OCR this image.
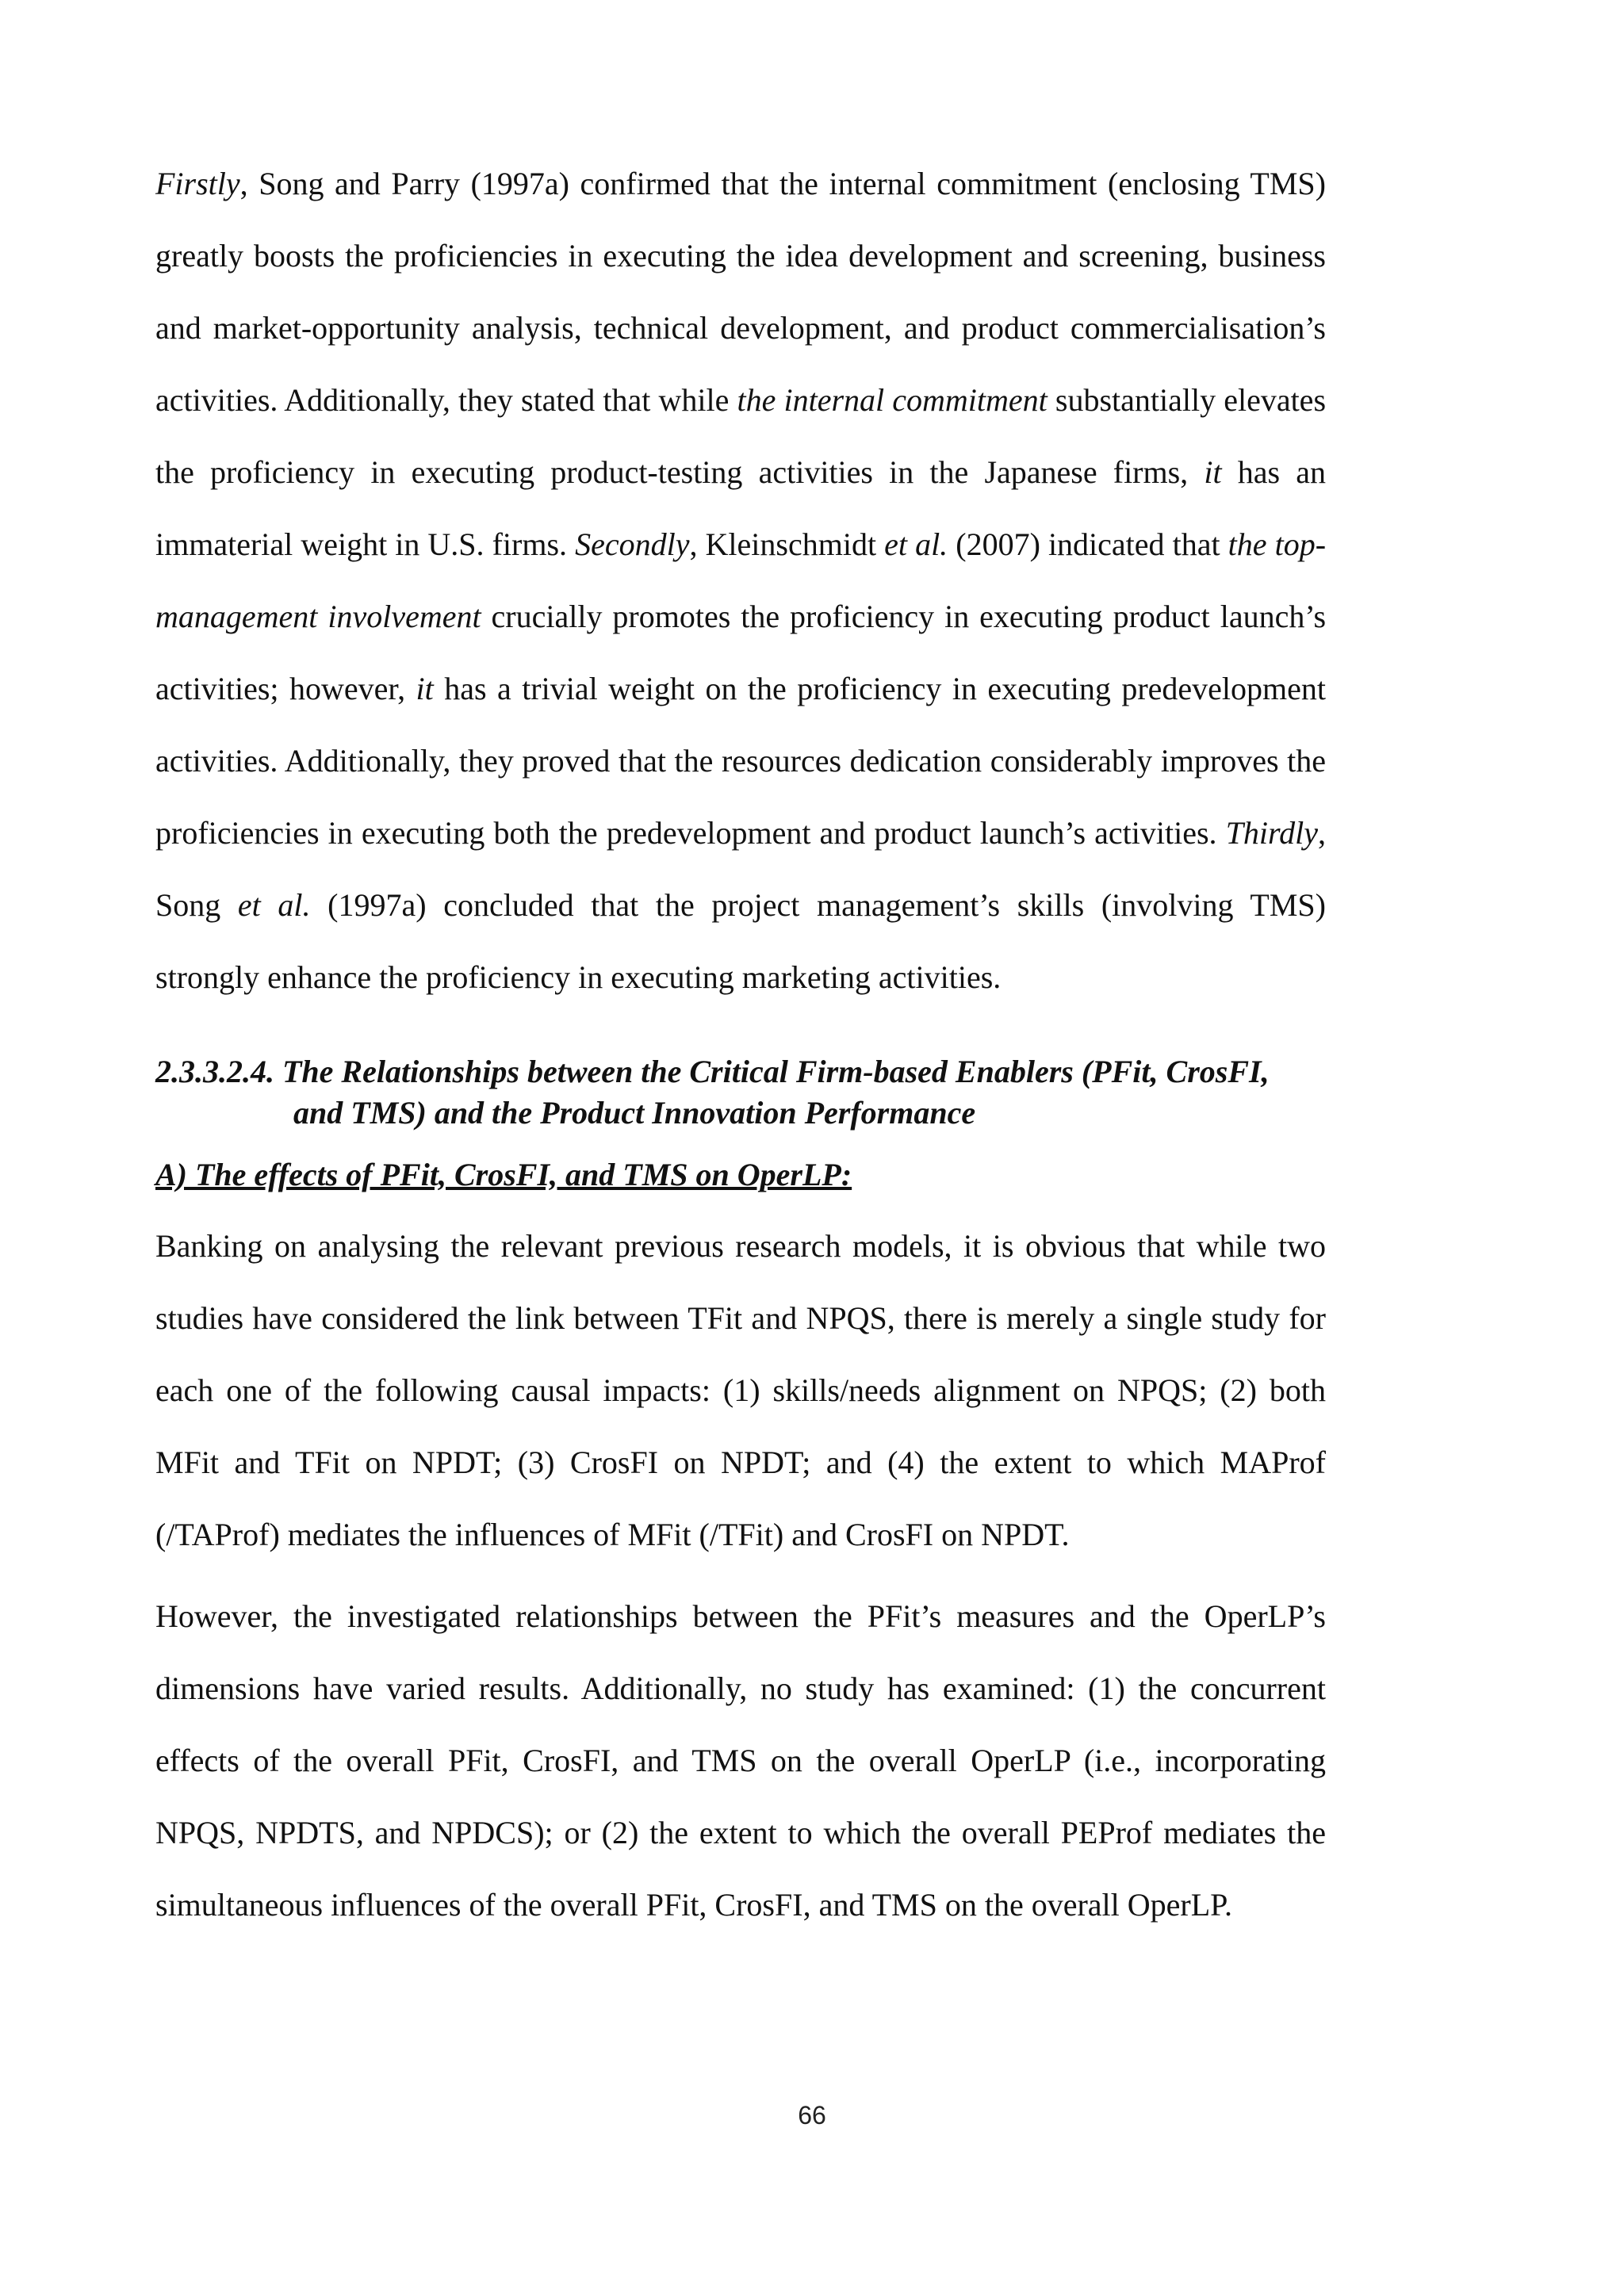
Firstly, Song and Parry (1997a) confirmed that the internal commitment (enclosing TMS) greatly boosts the proficiencies in executing the idea development and screening, business and market-opportunity analysis, technical development, and product commercialisation’s activities. Additionally, they stated that while the internal commitment substantially elevates the proficiency in executing product-testing activities in the Japanese firms, it has an immaterial weight in U.S. firms. Secondly, Kleinschmidt et al. (2007) indicated that the top-management involvement crucially promotes the proficiency in executing product launch’s activities; however, it has a trivial weight on the proficiency in executing predevelopment activities. Additionally, they proved that the resources dedication considerably improves the proficiencies in executing both the predevelopment and product launch’s activities. Thirdly, Song et al. (1997a) concluded that the project management’s skills (involving TMS) strongly enhance the proficiency in executing marketing activities.

2.3.3.2.4. The Relationships between the Critical Firm-based Enablers (PFit, CrosFI,
and TMS) and the Product Innovation Performance
A) The effects of PFit, CrosFI, and TMS on OperLP:

Banking on analysing the relevant previous research models, it is obvious that while two studies have considered the link between TFit and NPQS, there is merely a single study for each one of the following causal impacts: (1) skills/needs alignment on NPQS; (2) both MFit and TFit on NPDT; (3) CrosFI on NPDT; and (4) the extent to which MAProf (/TAProf) mediates the influences of MFit (/TFit) and CrosFI on NPDT.

However, the investigated relationships between the PFit’s measures and the OperLP’s dimensions have varied results. Additionally, no study has examined: (1) the concurrent effects of the overall PFit, CrosFI, and TMS on the overall OperLP (i.e., incorporating NPQS, NPDTS, and NPDCS); or (2) the extent to which the overall PEProf mediates the simultaneous influences of the overall PFit, CrosFI, and TMS on the overall OperLP.

66
